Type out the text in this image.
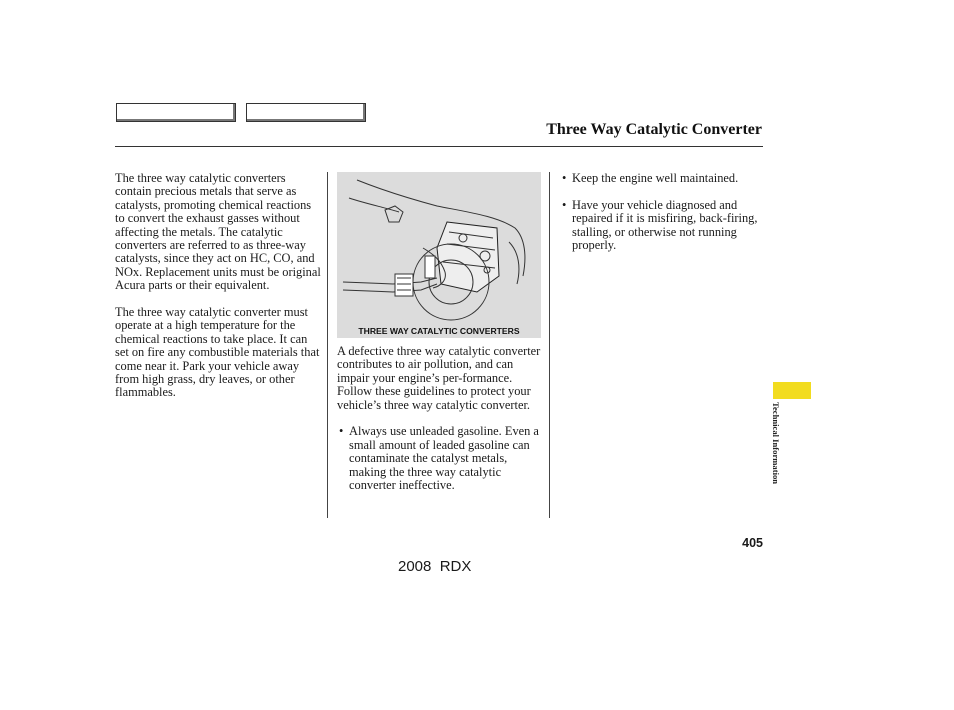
Three Way Catalytic Converter

The three way catalytic converters contain precious metals that serve as catalysts, promoting chemical reactions to convert the exhaust gasses without affecting the metals. The catalytic converters are referred to as three-way catalysts, since they act on HC, CO, and NOx. Replacement units must be original Acura parts or their equivalent.

The three way catalytic converter must operate at a high temperature for the chemical reactions to take place. It can set on fire any combustible materials that come near it. Park your vehicle away from high grass, dry leaves, or other flammables.

THREE WAY CATALYTIC CONVERTERS

A defective three way catalytic converter contributes to air pollution, and can impair your engine’s per-formance. Follow these guidelines to protect your vehicle’s three way catalytic converter.

• Always use unleaded gasoline. Even a small amount of leaded gasoline can contaminate the catalyst metals, making the three way catalytic converter ineffective.
• Keep the engine well maintained.
• Have your vehicle diagnosed and repaired if it is misfiring, back-firing, stalling, or otherwise not running properly.
Technical Information
405
2008  RDX
